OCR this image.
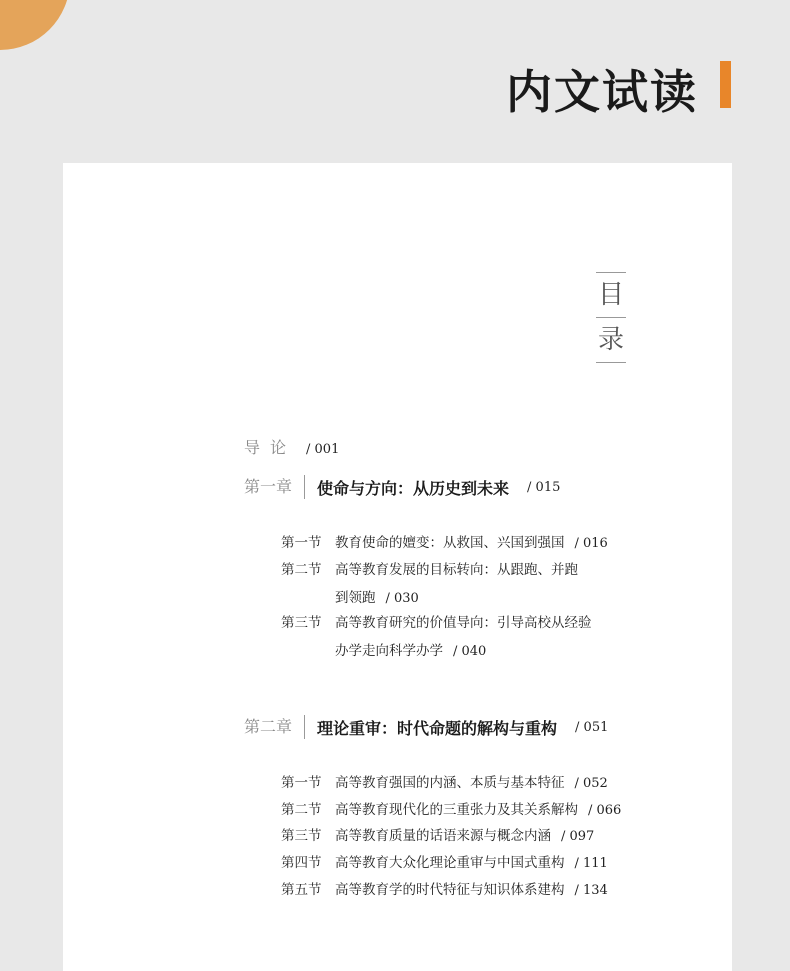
内文试读
目
录
导论 / 001
第一章	使命与方向：从历史到未来 / 015
第一节 教育使命的嬗变：从救国、兴国到强国 / 016
第二节 高等教育发展的目标转向：从跟跑、并跑
到领跑 / 030
第三节 高等教育研究的价值导向：引导高校从经验
办学走向科学办学 / 040
第二章	理论重审：时代命题的解构与重构 / 051
第一节 高等教育强国的内涵、本质与基本特征 / 052
第二节 高等教育现代化的三重张力及其关系解构 / 066
第三节 高等教育质量的话语来源与概念内涵 / 097
第四节 高等教育大众化理论重审与中国式重构 / 111
第五节 高等教育学的时代特征与知识体系建构 / 134
